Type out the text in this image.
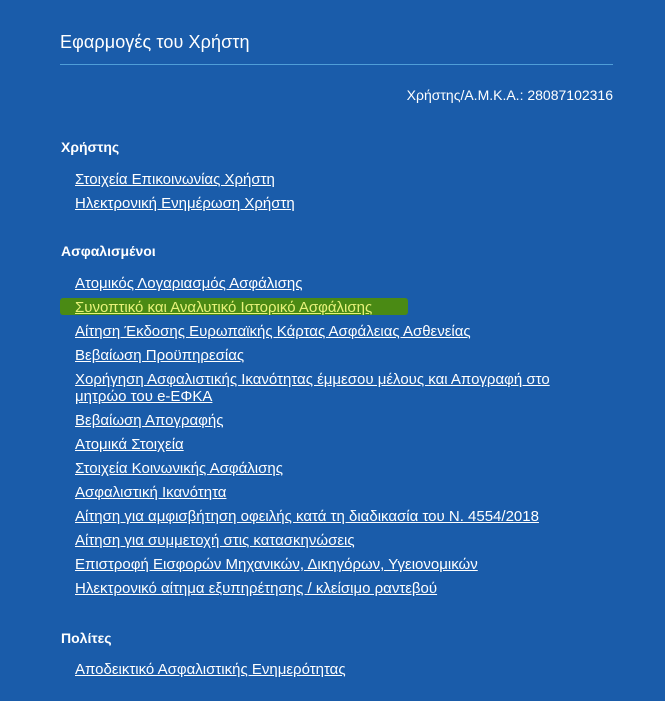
Εφαρμογές του Χρήστη
Χρήστης/Α.Μ.Κ.Α.: 28087102316
Χρήστης
Στοιχεία Επικοινωνίας Χρήστη
Ηλεκτρονική Ενημέρωση Χρήστη
Ασφαλισμένοι
Ατομικός Λογαριασμός Ασφάλισης
Συνοπτικό και Αναλυτικό Ιστορικό Ασφάλισης
Αίτηση Έκδοσης Ευρωπαϊκής Κάρτας Ασφάλειας Ασθενείας
Βεβαίωση Προϋπηρεσίας
Χορήγηση Ασφαλιστικής Ικανότητας έμμεσου μέλους και Απογραφή στο μητρώο του e-ΕΦΚΑ
Βεβαίωση Απογραφής
Ατομικά Στοιχεία
Στοιχεία Κοινωνικής Ασφάλισης
Ασφαλιστική Ικανότητα
Αίτηση για αμφισβήτηση οφειλής κατά τη διαδικασία του Ν. 4554/2018
Αίτηση για συμμετοχή στις κατασκηνώσεις
Επιστροφή Εισφορών Μηχανικών, Δικηγόρων, Υγειονομικών
Ηλεκτρονικό αίτημα εξυπηρέτησης / κλείσιμο ραντεβού
Πολίτες
Αποδεικτικό Ασφαλιστικής Ενημερότητας
